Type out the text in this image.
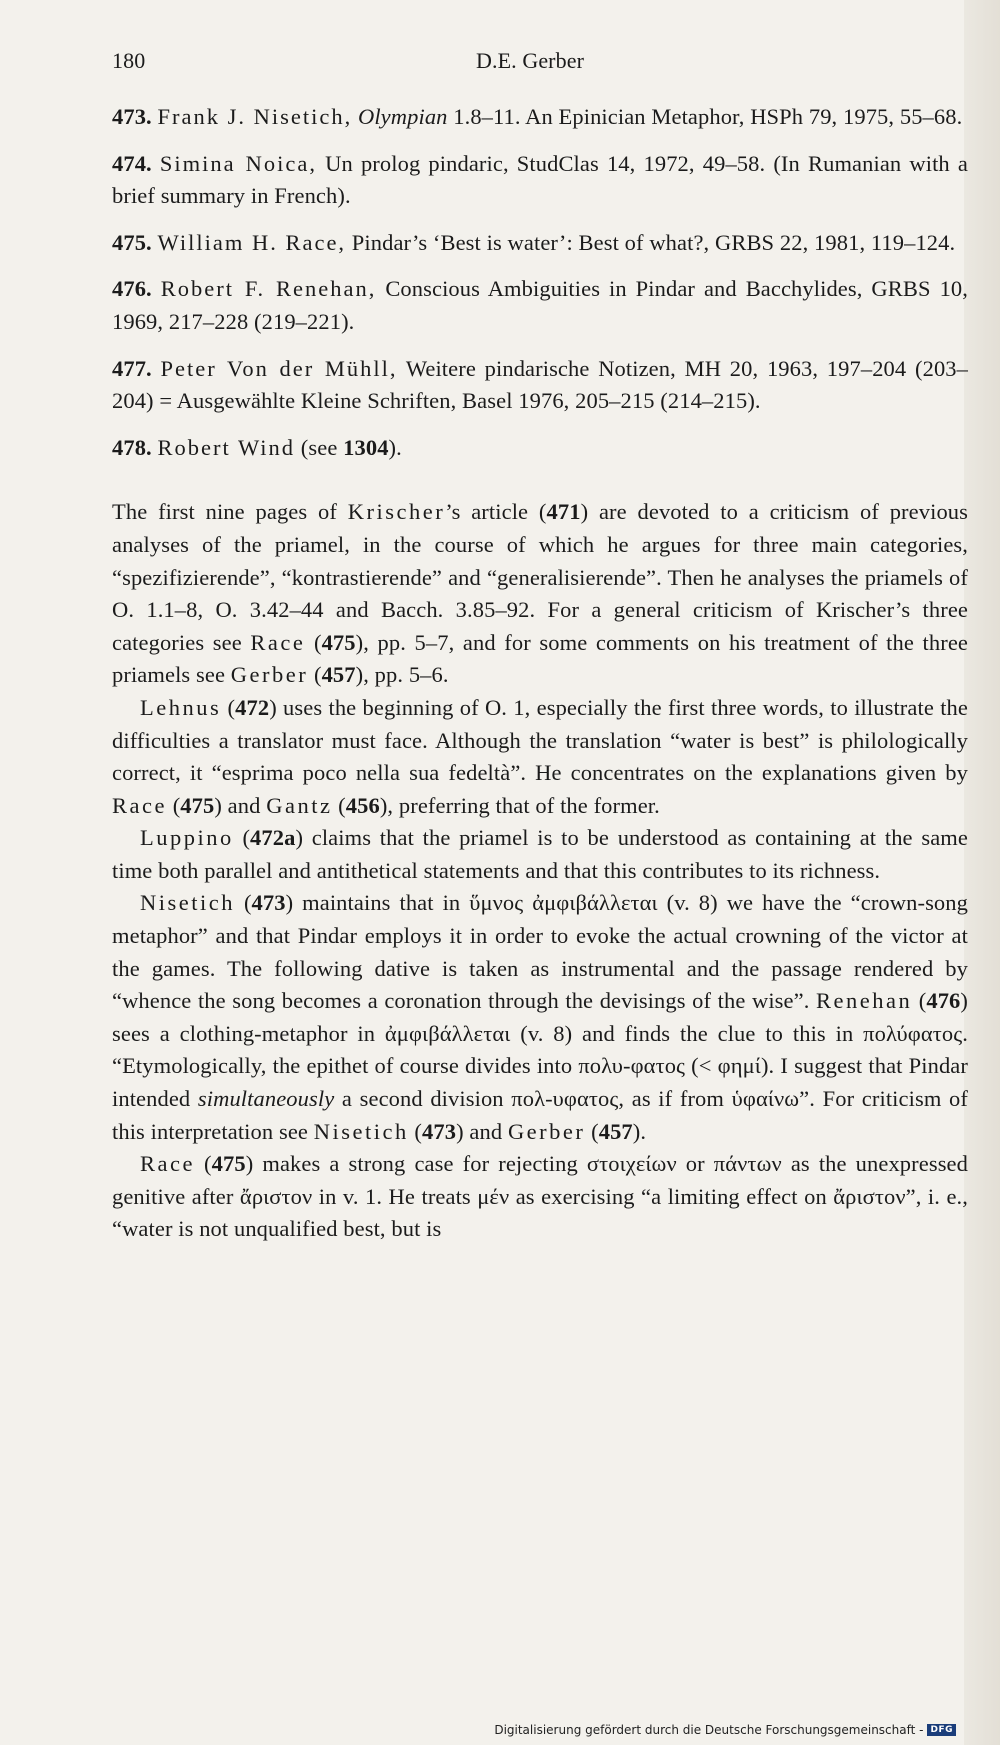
180	D.E. Gerber

473. Frank J. Nisetich, Olympian 1.8–11. An Epinician Metaphor, HSPh 79, 1975, 55–68.

474. Simina Noica, Un prolog pindaric, StudClas 14, 1972, 49–58. (In Rumanian with a brief summary in French).

475. William H. Race, Pindar’s ‘Best is water’: Best of what?, GRBS 22, 1981, 119–124.

476. Robert F. Renehan, Conscious Ambiguities in Pindar and Bacchylides, GRBS 10, 1969, 217–228 (219–221).

477. Peter Von der Mühll, Weitere pindarische Notizen, MH 20, 1963, 197–204 (203–204) = Ausgewählte Kleine Schriften, Basel 1976, 205–215 (214–215).

478. Robert Wind (see 1304).

The first nine pages of Krischer’s article (471) are devoted to a criticism of previous analyses of the priamel, in the course of which he argues for three main categories, “spezifizierende”, “kontrastierende” and “generalisierende”. Then he analyses the priamels of O. 1.1–8, O. 3.42–44 and Bacch. 3.85–92. For a general criticism of Krischer’s three categories see Race (475), pp. 5–7, and for some comments on his treatment of the three priamels see Gerber (457), pp. 5–6.

Lehnus (472) uses the beginning of O. 1, especially the first three words, to illustrate the difficulties a translator must face. Although the translation “water is best” is philologically correct, it “esprima poco nella sua fedeltà”. He concentrates on the explanations given by Race (475) and Gantz (456), preferring that of the former.

Luppino (472a) claims that the priamel is to be understood as containing at the same time both parallel and antithetical statements and that this contributes to its richness.

Nisetich (473) maintains that in ὕμνος ἀμφιβάλλεται (v. 8) we have the “crown-song metaphor” and that Pindar employs it in order to evoke the actual crowning of the victor at the games. The following dative is taken as instrumental and the passage rendered by “whence the song becomes a coronation through the devisings of the wise”. Renehan (476) sees a clothing-metaphor in ἀμφιβάλλεται (v. 8) and finds the clue to this in πολύφατος. “Etymologically, the epithet of course divides into πολυ-φατος (< φημί). I suggest that Pindar intended simultaneously a second division πολ-υφατος, as if from ὑφαίνω”. For criticism of this interpretation see Nisetich (473) and Gerber (457).

Race (475) makes a strong case for rejecting στοιχείων or πάντων as the unexpressed genitive after ἄριστον in v. 1. He treats μέν as exercising “a limiting effect on ἄριστον”, i. e., “water is not unqualified best, but is

Digitalisierung gefördert durch die Deutsche Forschungsgemeinschaft - DFG
